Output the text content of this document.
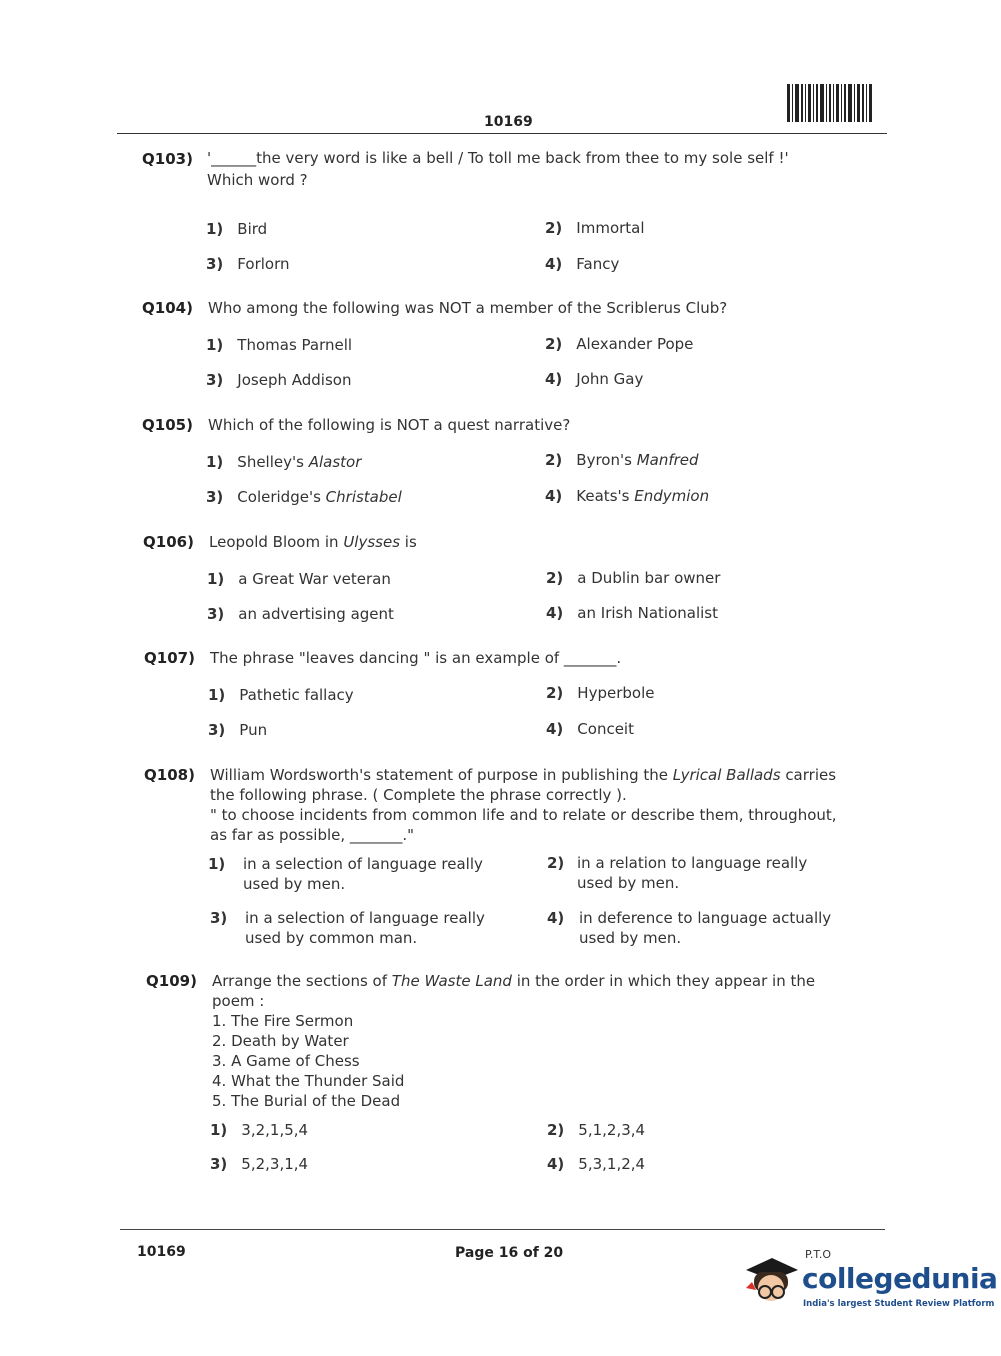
10169
Q103) '______the very word is like a bell / To toll me back from thee to my sole self !'
Which word ?
1) Bird	2) Immortal
3) Forlorn	4) Fancy
Q104) Who among the following was NOT a member of the Scriblerus Club?
1) Thomas Parnell	2) Alexander Pope
3) Joseph Addison	4) John Gay
Q105) Which of the following is NOT a quest narrative?
1) Shelley's Alastor	2) Byron's Manfred
3) Coleridge's Christabel	4) Keats's Endymion
Q106) Leopold Bloom in Ulysses is
1) a Great War veteran	2) a Dublin bar owner
3) an advertising agent	4) an Irish Nationalist
Q107) The phrase "leaves dancing " is an example of _______.
1) Pathetic fallacy	2) Hyperbole
3) Pun	4) Conceit
Q108) William Wordsworth's statement of purpose in publishing the Lyrical Ballads carries
the following phrase. ( Complete the phrase correctly ).
" to choose incidents from common life and to relate or describe them, throughout,
as far as possible, _______."
1) in a selection of language really
used by men.
2) in a relation to language really
used by men.
3) in a selection of language really
used by common man.
4) in deference to language actually
used by men.
Q109) Arrange the sections of The Waste Land in the order in which they appear in the
poem :
1. The Fire Sermon
2. Death by Water
3. A Game of Chess
4. What the Thunder Said
5. The Burial of the Dead
1) 3,2,1,5,4	2) 5,1,2,3,4
3) 5,2,3,1,4	4) 5,3,1,2,4
10169	Page 16 of 20	P.T.O
collegedunia
India's largest Student Review Platform
